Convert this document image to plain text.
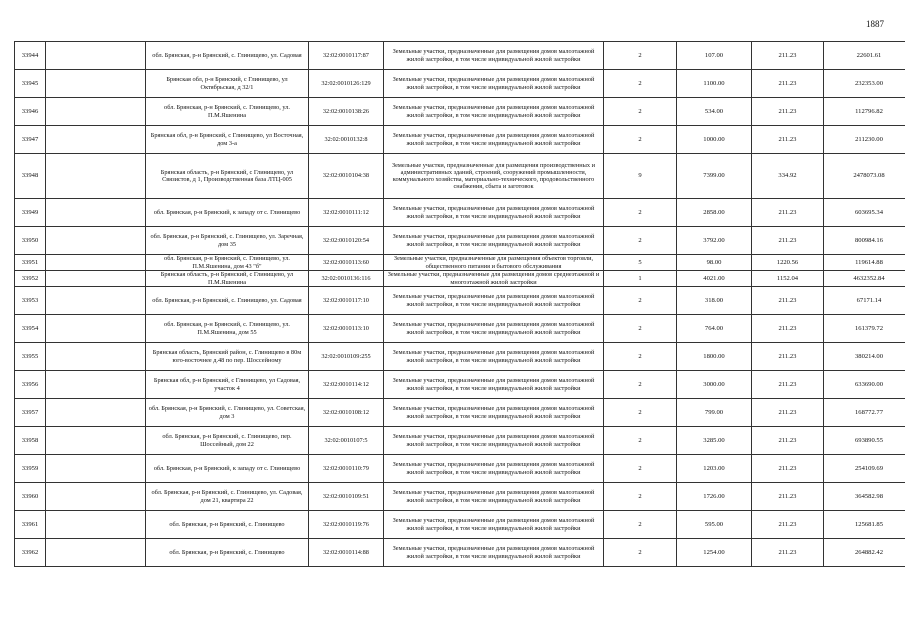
1887
33944		обл. Брянская, р-н Брянский, с. Глинищево, ул. Садовая	32:02:0010117:87	Земельные участки, предназначенные для размещения домов малоэтажной жилой застройки, в том числе индивидуальной жилой застройки	2	107.00	211.23	22601.61
33945		Брянская обл, р-н Брянский, с Глинищево, ул Октябрьская, д 32/1	32:02:0010126:129	Земельные участки, предназначенные для размещения домов малоэтажной жилой застройки, в том числе индивидуальной жилой застройки	2	1100.00	211.23	232353.00
33946		обл. Брянская, р-н Брянский, с. Глинищево, ул. П.М.Яшенина	32:02:0010138:26	Земельные участки, предназначенные для размещения домов малоэтажной жилой застройки, в том числе индивидуальной жилой застройки	2	534.00	211.23	112796.82
33947		Брянская обл, р-н Брянский, с Глинищево, ул Восточная, дом 3-а	32:02:0010132:8	Земельные участки, предназначенные для размещения домов малоэтажной жилой застройки, в том числе индивидуальной жилой застройки	2	1000.00	211.23	211230.00
33948		Брянская область, р-н Брянский, с Глинищево, ул Связистов, д 1, Производственная база ЛТЦ-005	32:02:0010104:38	Земельные участки, предназначенные для размещения производственных и административных зданий, строений, сооружений промышленности, коммунального хозяйства, материально-технического, продовольственного снабжения, сбыта и заготовок	9	7399.00	334.92	2478073.08
33949		обл. Брянская, р-н Брянский, к западу от с. Глинищево	32:02:0010111:12	Земельные участки, предназначенные для размещения домов малоэтажной жилой застройки, в том числе индивидуальной жилой застройки	2	2858.00	211.23	603695.34
33950		обл. Брянская, р-н Брянский, с. Глинищево, ул. Заречная, дом 35	32:02:0010120:54	Земельные участки, предназначенные для размещения домов малоэтажной жилой застройки, в том числе индивидуальной жилой застройки	2	3792.00	211.23	800984.16
33951		обл. Брянская, р-н Брянский, с. Глинищево, ул. П.М.Яшенина, дом 43 "б"	32:02:0010113:60	Земельные участки, предназначенные для размещения объектов торговли, общественного питания и бытового обслуживания	5	98.00	1220.56	119614.88
33952		Брянская область, р-н Брянский, с Глинищево, ул П.М.Яшенина	32:02:0010136:116	Земельные участки, предназначенные для размещения домов среднеэтажной и многоэтажной жилой застройки	1	4021.00	1152.04	4632352.84
33953		обл. Брянская, р-н Брянский, с. Глинищево, ул. Садовая	32:02:0010117:10	Земельные участки, предназначенные для размещения домов малоэтажной жилой застройки, в том числе индивидуальной жилой застройки	2	318.00	211.23	67171.14
33954		обл. Брянская, р-н Брянский, с. Глинищево, ул. П.М.Яшенина, дом 55	32:02:0010113:10	Земельные участки, предназначенные для размещения домов малоэтажной жилой застройки, в том числе индивидуальной жилой застройки	2	764.00	211.23	161379.72
33955		Брянская область, Брянский район, с. Глинищево в 80м юго-восточнее д.48 по пер. Шоссейному	32:02:0010109:255	Земельные участки, предназначенные для размещения домов малоэтажной жилой застройки, в том числе индивидуальной жилой застройки	2	1800.00	211.23	380214.00
33956		Брянская обл, р-н Брянский, с Глинищево, ул Садовая, участок 4	32:02:0010114:12	Земельные участки, предназначенные для размещения домов малоэтажной жилой застройки, в том числе индивидуальной жилой застройки	2	3000.00	211.23	633690.00
33957		обл. Брянская, р-н Брянский, с. Глинищево, ул. Советская, дом 3	32:02:0010108:12	Земельные участки, предназначенные для размещения домов малоэтажной жилой застройки, в том числе индивидуальной жилой застройки	2	799.00	211.23	168772.77
33958		обл. Брянская, р-н Брянский, с. Глинищево, пер. Шоссейный, дом 22	32:02:0010107:5	Земельные участки, предназначенные для размещения домов малоэтажной жилой застройки, в том числе индивидуальной жилой застройки	2	3285.00	211.23	693890.55
33959		обл. Брянская, р-н Брянский, к западу от с. Глинищево	32:02:0010110:79	Земельные участки, предназначенные для размещения домов малоэтажной жилой застройки, в том числе индивидуальной жилой застройки	2	1203.00	211.23	254109.69
33960		обл. Брянская, р-н Брянский, с. Глинищево, ул. Садовая, дом 21, квартира 22	32:02:0010109:51	Земельные участки, предназначенные для размещения домов малоэтажной жилой застройки, в том числе индивидуальной жилой застройки	2	1726.00	211.23	364582.98
33961		обл. Брянская, р-н Брянский, с. Глинищево	32:02:0010119:76	Земельные участки, предназначенные для размещения домов малоэтажной жилой застройки, в том числе индивидуальной жилой застройки	2	595.00	211.23	125681.85
33962		обл. Брянская, р-н Брянский, с. Глинищево	32:02:0010114:88	Земельные участки, предназначенные для размещения домов малоэтажной жилой застройки, в том числе индивидуальной жилой застройки	2	1254.00	211.23	264882.42
